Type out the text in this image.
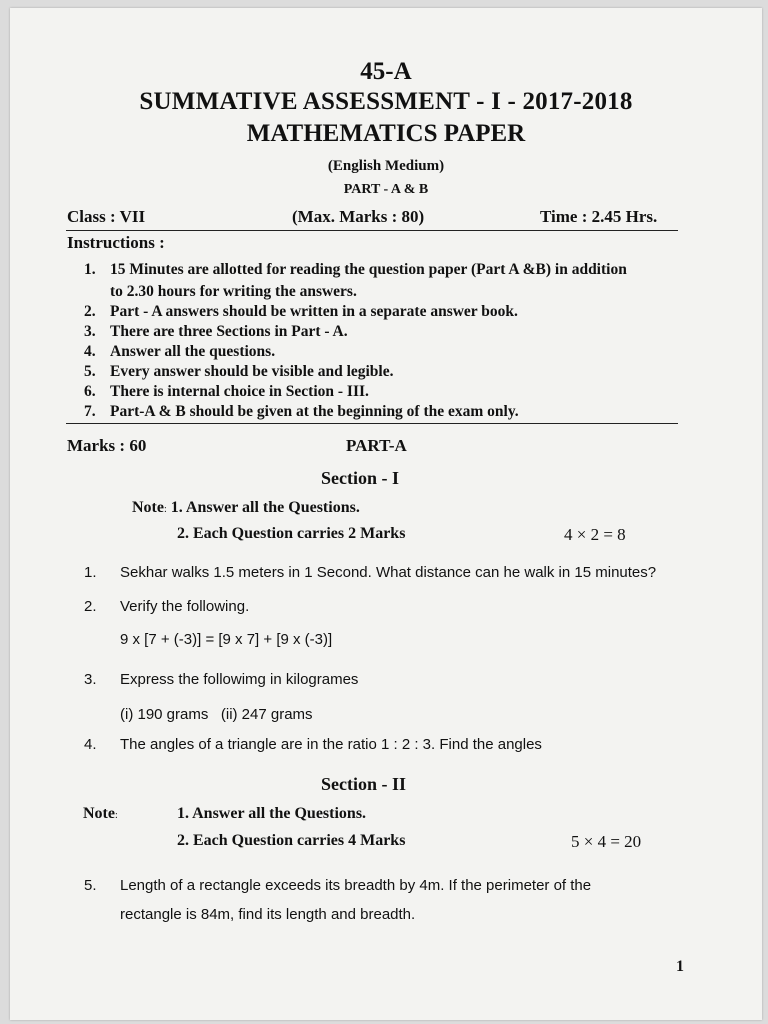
45-A
SUMMATIVE ASSESSMENT - I - 2017-2018
MATHEMATICS PAPER
(English Medium)
PART - A & B
Class : VII	(Max. Marks : 80)	Time : 2.45 Hrs.
Instructions :
1. 15 Minutes are allotted for reading the question paper (Part A &B) in addition
to 2.30 hours for writing the answers.
2. Part - A answers should be written in a separate answer book.
3. There are three Sections in Part - A.
4. Answer all the questions.
5. Every answer should be visible and legible.
6. There is internal choice in Section - III.
7. Part-A & B should be given at the beginning of the exam only.
Marks : 60	PART-A
Section - I
Note: 1. Answer all the Questions.
2. Each Question carries 2 Marks	4 × 2 = 8
1. Sekhar walks 1.5 meters in 1 Second. What distance can he walk in 15 minutes?
2. Verify the following.
9 x [7 + (-3)] = [9 x 7] + [9 x (-3)]
3. Express the followimg in kilogrames
(i) 190 grams   (ii) 247 grams
4. The angles of a triangle are in the ratio 1 : 2 : 3. Find the angles
Section - II
Note:	1. Answer all the Questions.
2. Each Question carries 4 Marks	5 × 4 = 20
5. Length of a rectangle exceeds its breadth by 4m. If the perimeter of the
rectangle is 84m, find its length and breadth.
1
